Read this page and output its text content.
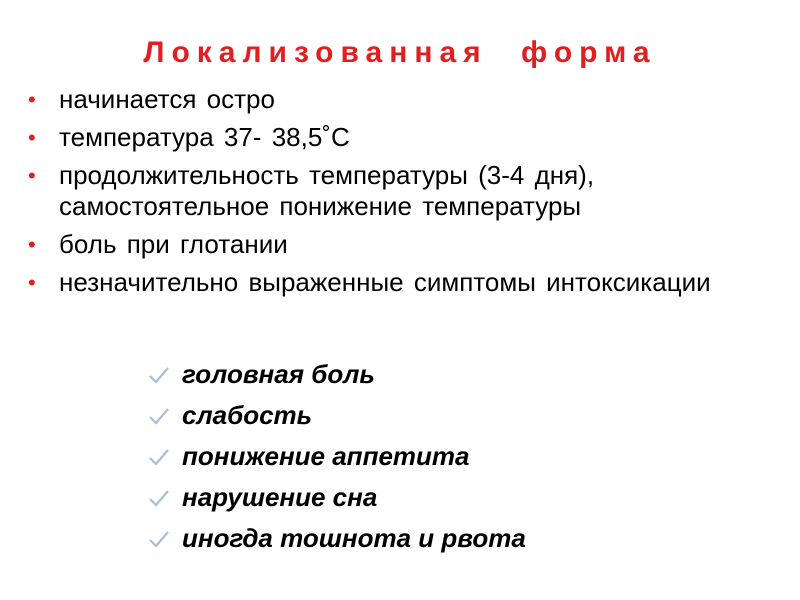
Локализованная форма
• начинается остро
• температура 37- 38,5˚С
• продолжительность температуры (3-4 дня), самостоятельное понижение температуры
• боль при глотании
• незначительно выраженные симптомы интоксикации
головная боль
слабость
понижение аппетита
нарушение сна
иногда тошнота и рвота
